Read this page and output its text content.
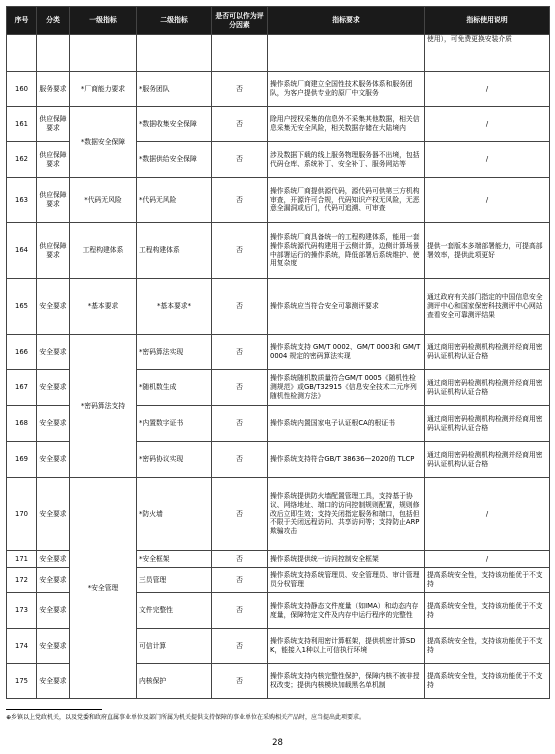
序号	分类	一级指标	二级指标	是否可以作为评分因素	指标要求	指标使用说明
						使用），可免费更换安装介质
160	服务要求	*厂商能力要求	*服务团队	否	操作系统厂商建立全国性技术服务体系和服务团队，为客户提供专业的原厂中文服务	/
161	供应保障要求	*数据安全保障	*数据收集安全保障	否	除用户授权采集的信息外不采集其他数据，相关信息采集无安全风险，相关数据存储在大陆境内	/
162	供应保障要求		*数据供给安全保障	否	涉及数据下载的线上服务物理服务器不出境，包括代码仓库、系统补丁、安全补丁、服务网站等	/
163	供应保障要求	*代码无风险	*代码无风险	否	操作系统厂商提供源代码，源代码可供第三方机构审查，开源许可合规，代码知识产权无风险，无恶意全漏洞或后门，代码可追溯、可审查	/
164	供应保障要求	工程构建体系	工程构建体系	否	操作系统厂商具备统一的工程构建体系，能用一套操作系统源代码构建用于云侧计算，边侧计算场景中部署运行的操作系统，降低部署后系统维护、使用复杂度	提供一套版本多端部署能力，可提高部署效率，提供此项更好
165	安全要求	*基本要求	*基本要求*	否	操作系统应当符合安全可靠测评要求	通过政府有关部门指定的中国信息安全测评中心和国家保密科技测评中心网站查看安全可靠测评结果
166	安全要求	*密码算法支持	*密码算法实现	否	操作系统支持 GM/T 0002、GM/T 0003和 GM/T 0004 规定的密码算法实现	通过商用密码检测机构检测并经商用密码认证机构认证合格
167	安全要求		*随机数生成	否	操作系统随机数质量符合GM/T 0005《随机性检测规范》或GB/T32915《信息安全技术二元序列随机性检测方法》	通过商用密码检测机构检测并经商用密码认证机构认证合格
168	安全要求		*内置数字证书	否	操作系统内置国家电子认证根CA的根证书	通过商用密码检测机构检测并经商用密码认证机构认证合格
169	安全要求		*密码协议实现	否	操作系统支持符合GB/T 38636—2020的 TLCP	通过商用密码检测机构检测并经商用密码认证机构认证合格
170	安全要求	*安全管理	*防火墙	否	操作系统提供防火墙配置管理工具，支持基于协议、网络地址、端口的访问控制规则配置，规则修改后立即生效；支持关闭指定服务和端口，包括但不限于关闭远程访问、共享访问等；支持防止ARP欺骗攻击	/
171	安全要求		*安全框架	否	操作系统提供统一访问控制安全框架	/
172	安全要求		三员管理	否	操作系统支持系统管理员、安全管理员、审计管理员分权管理	提高系统安全性，支持该功能优于不支持
173	安全要求		文件完整性	否	操作系统支持静态文件度量（如IMA）和动态内存度量，保障特定文件及内存中运行程序的完整性	提高系统安全性，支持该功能优于不支持
174	安全要求		可信计算	否	操作系统支持利用密计算框架，提供机密计算SDK，能接入1种以上可信执行环境	提高系统安全性，支持该功能优于不支持
175	安全要求		内核保护	否	操作系统支持内核完整性保护，保障内核不被非授权改变；提供内核模块加载黑名单机制	提高系统安全性，支持该功能优于不支持
⊕乡镇以上党政机关，以及党委和政府直属事业单位及部门所属为机关提供支持保障的事业单位在采购相关产品时，应当提出此项要求。
28
